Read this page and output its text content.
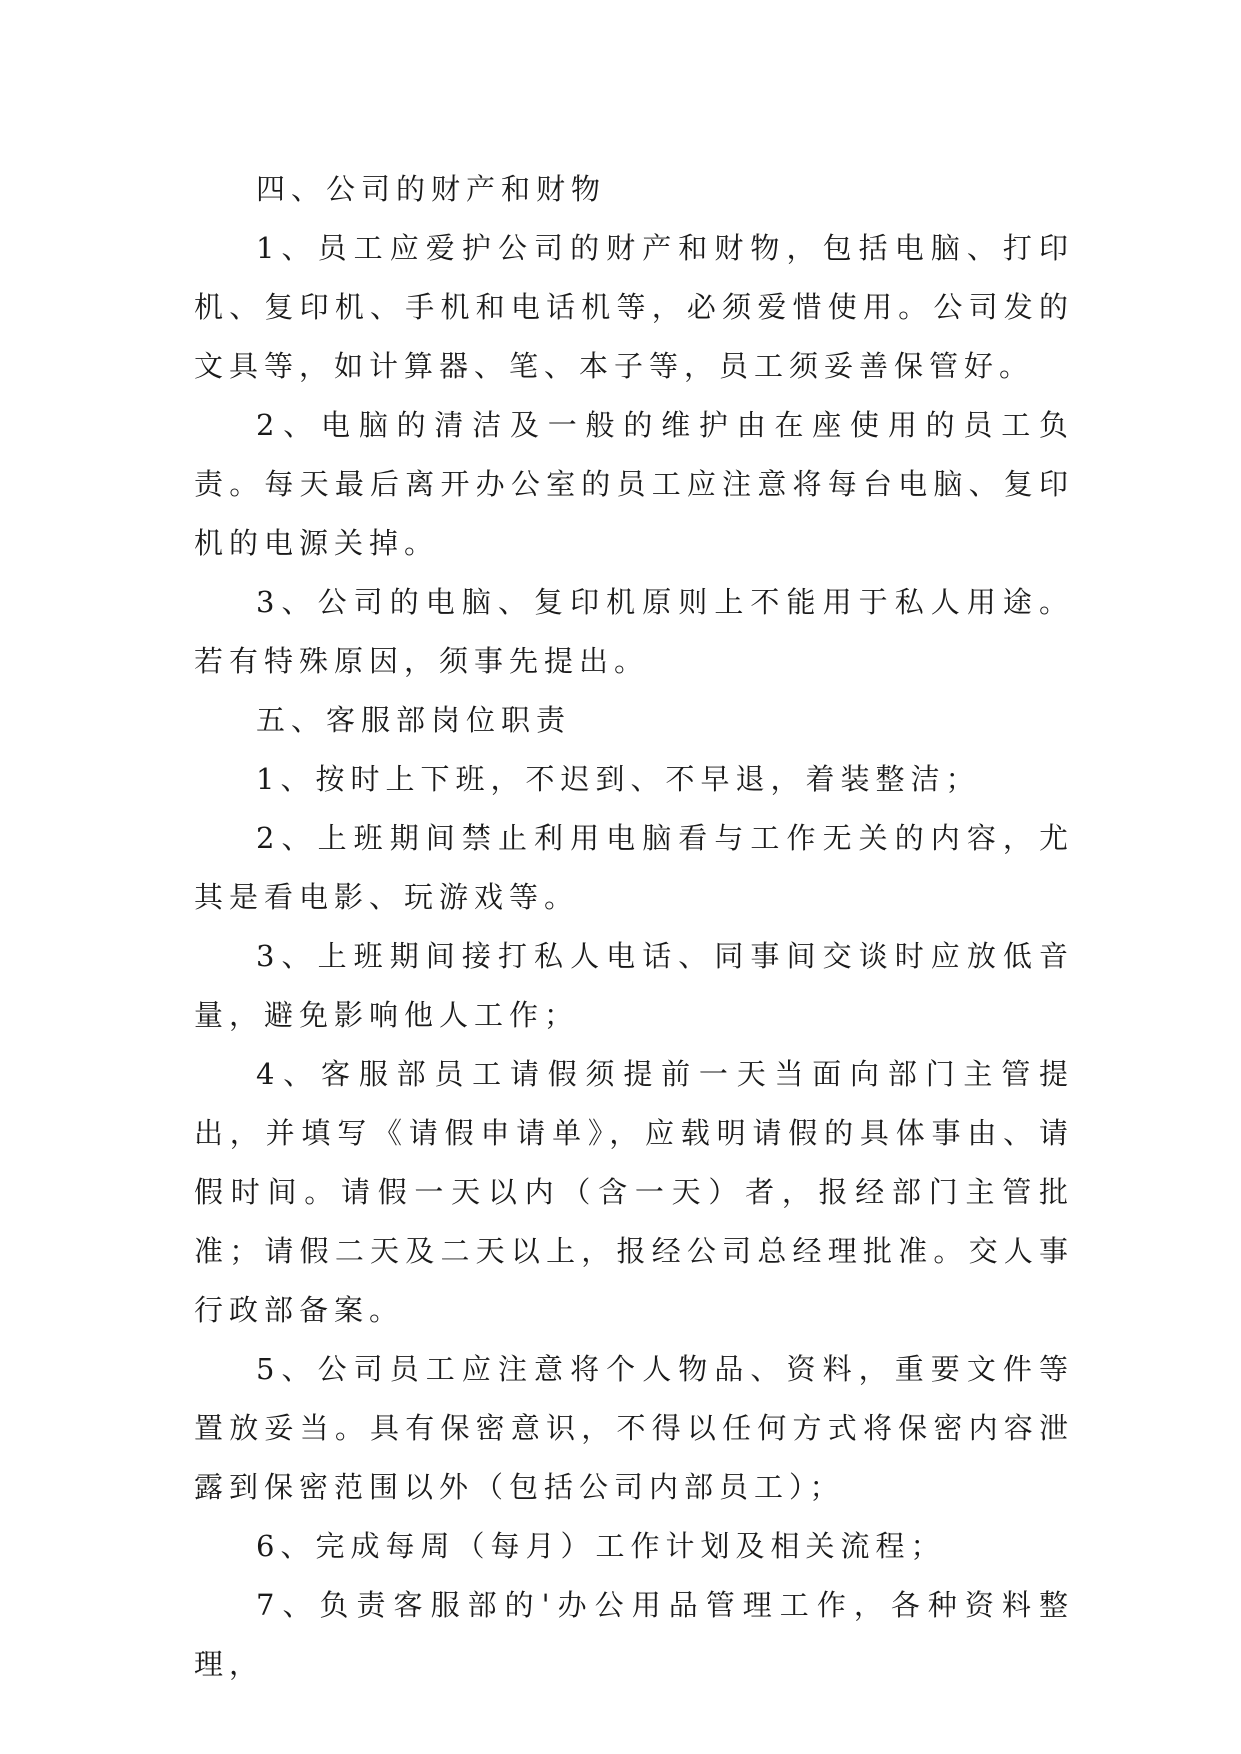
四、公司的财产和财物

1、员工应爱护公司的财产和财物，包括电脑、打印机、复印机、手机和电话机等，必须爱惜使用。公司发的文具等，如计算器、笔、本子等，员工须妥善保管好。

2、电脑的清洁及一般的维护由在座使用的员工负责。每天最后离开办公室的员工应注意将每台电脑、复印机的电源关掉。

3、公司的电脑、复印机原则上不能用于私人用途。若有特殊原因，须事先提出。

五、客服部岗位职责

1、按时上下班，不迟到、不早退，着装整洁；

2、上班期间禁止利用电脑看与工作无关的内容，尤其是看电影、玩游戏等。

3、上班期间接打私人电话、同事间交谈时应放低音量，避免影响他人工作；

4、客服部员工请假须提前一天当面向部门主管提出，并填写《请假申请单》，应载明请假的具体事由、请假时间。请假一天以内（含一天）者，报经部门主管批准；请假二天及二天以上，报经公司总经理批准。交人事行政部备案。

5、公司员工应注意将个人物品、资料，重要文件等置放妥当。具有保密意识，不得以任何方式将保密内容泄露到保密范围以外（包括公司内部员工）；

6、完成每周（每月）工作计划及相关流程；

7、负责客服部的'办公用品管理工作，各种资料整理，
